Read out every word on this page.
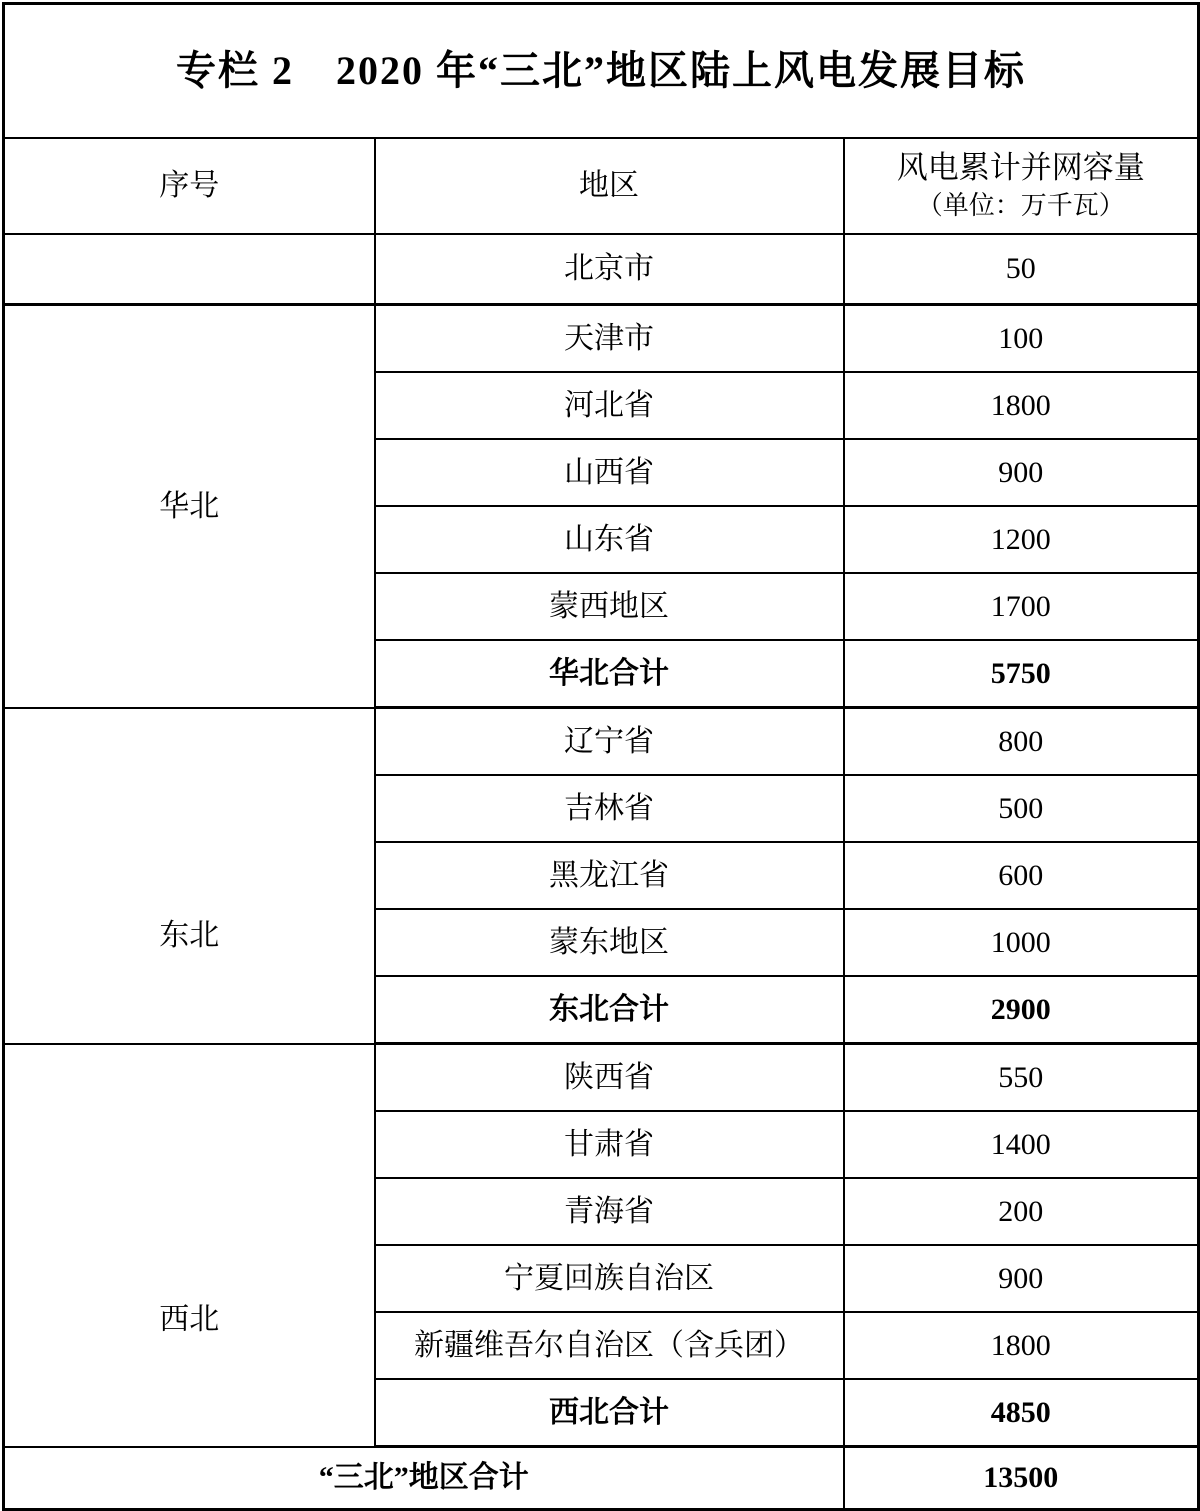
专栏 2　2020 年“三北”地区陆上风电发展目标		
序号	地区	风电累计并网容量
（单位：万千瓦）

	北京市	50
华北	天津市	100
	河北省	1800
	山西省	900
	山东省	1200
	蒙西地区	1700
	华北合计	5750
东北	辽宁省	800
	吉林省	500
	黑龙江省	600
	蒙东地区	1000
	东北合计	2900
西北	陕西省	550
	甘肃省	1400
	青海省	200
	宁夏回族自治区	900
	新疆维吾尔自治区（含兵团）	1800
	西北合计	4850
“三北”地区合计		13500
